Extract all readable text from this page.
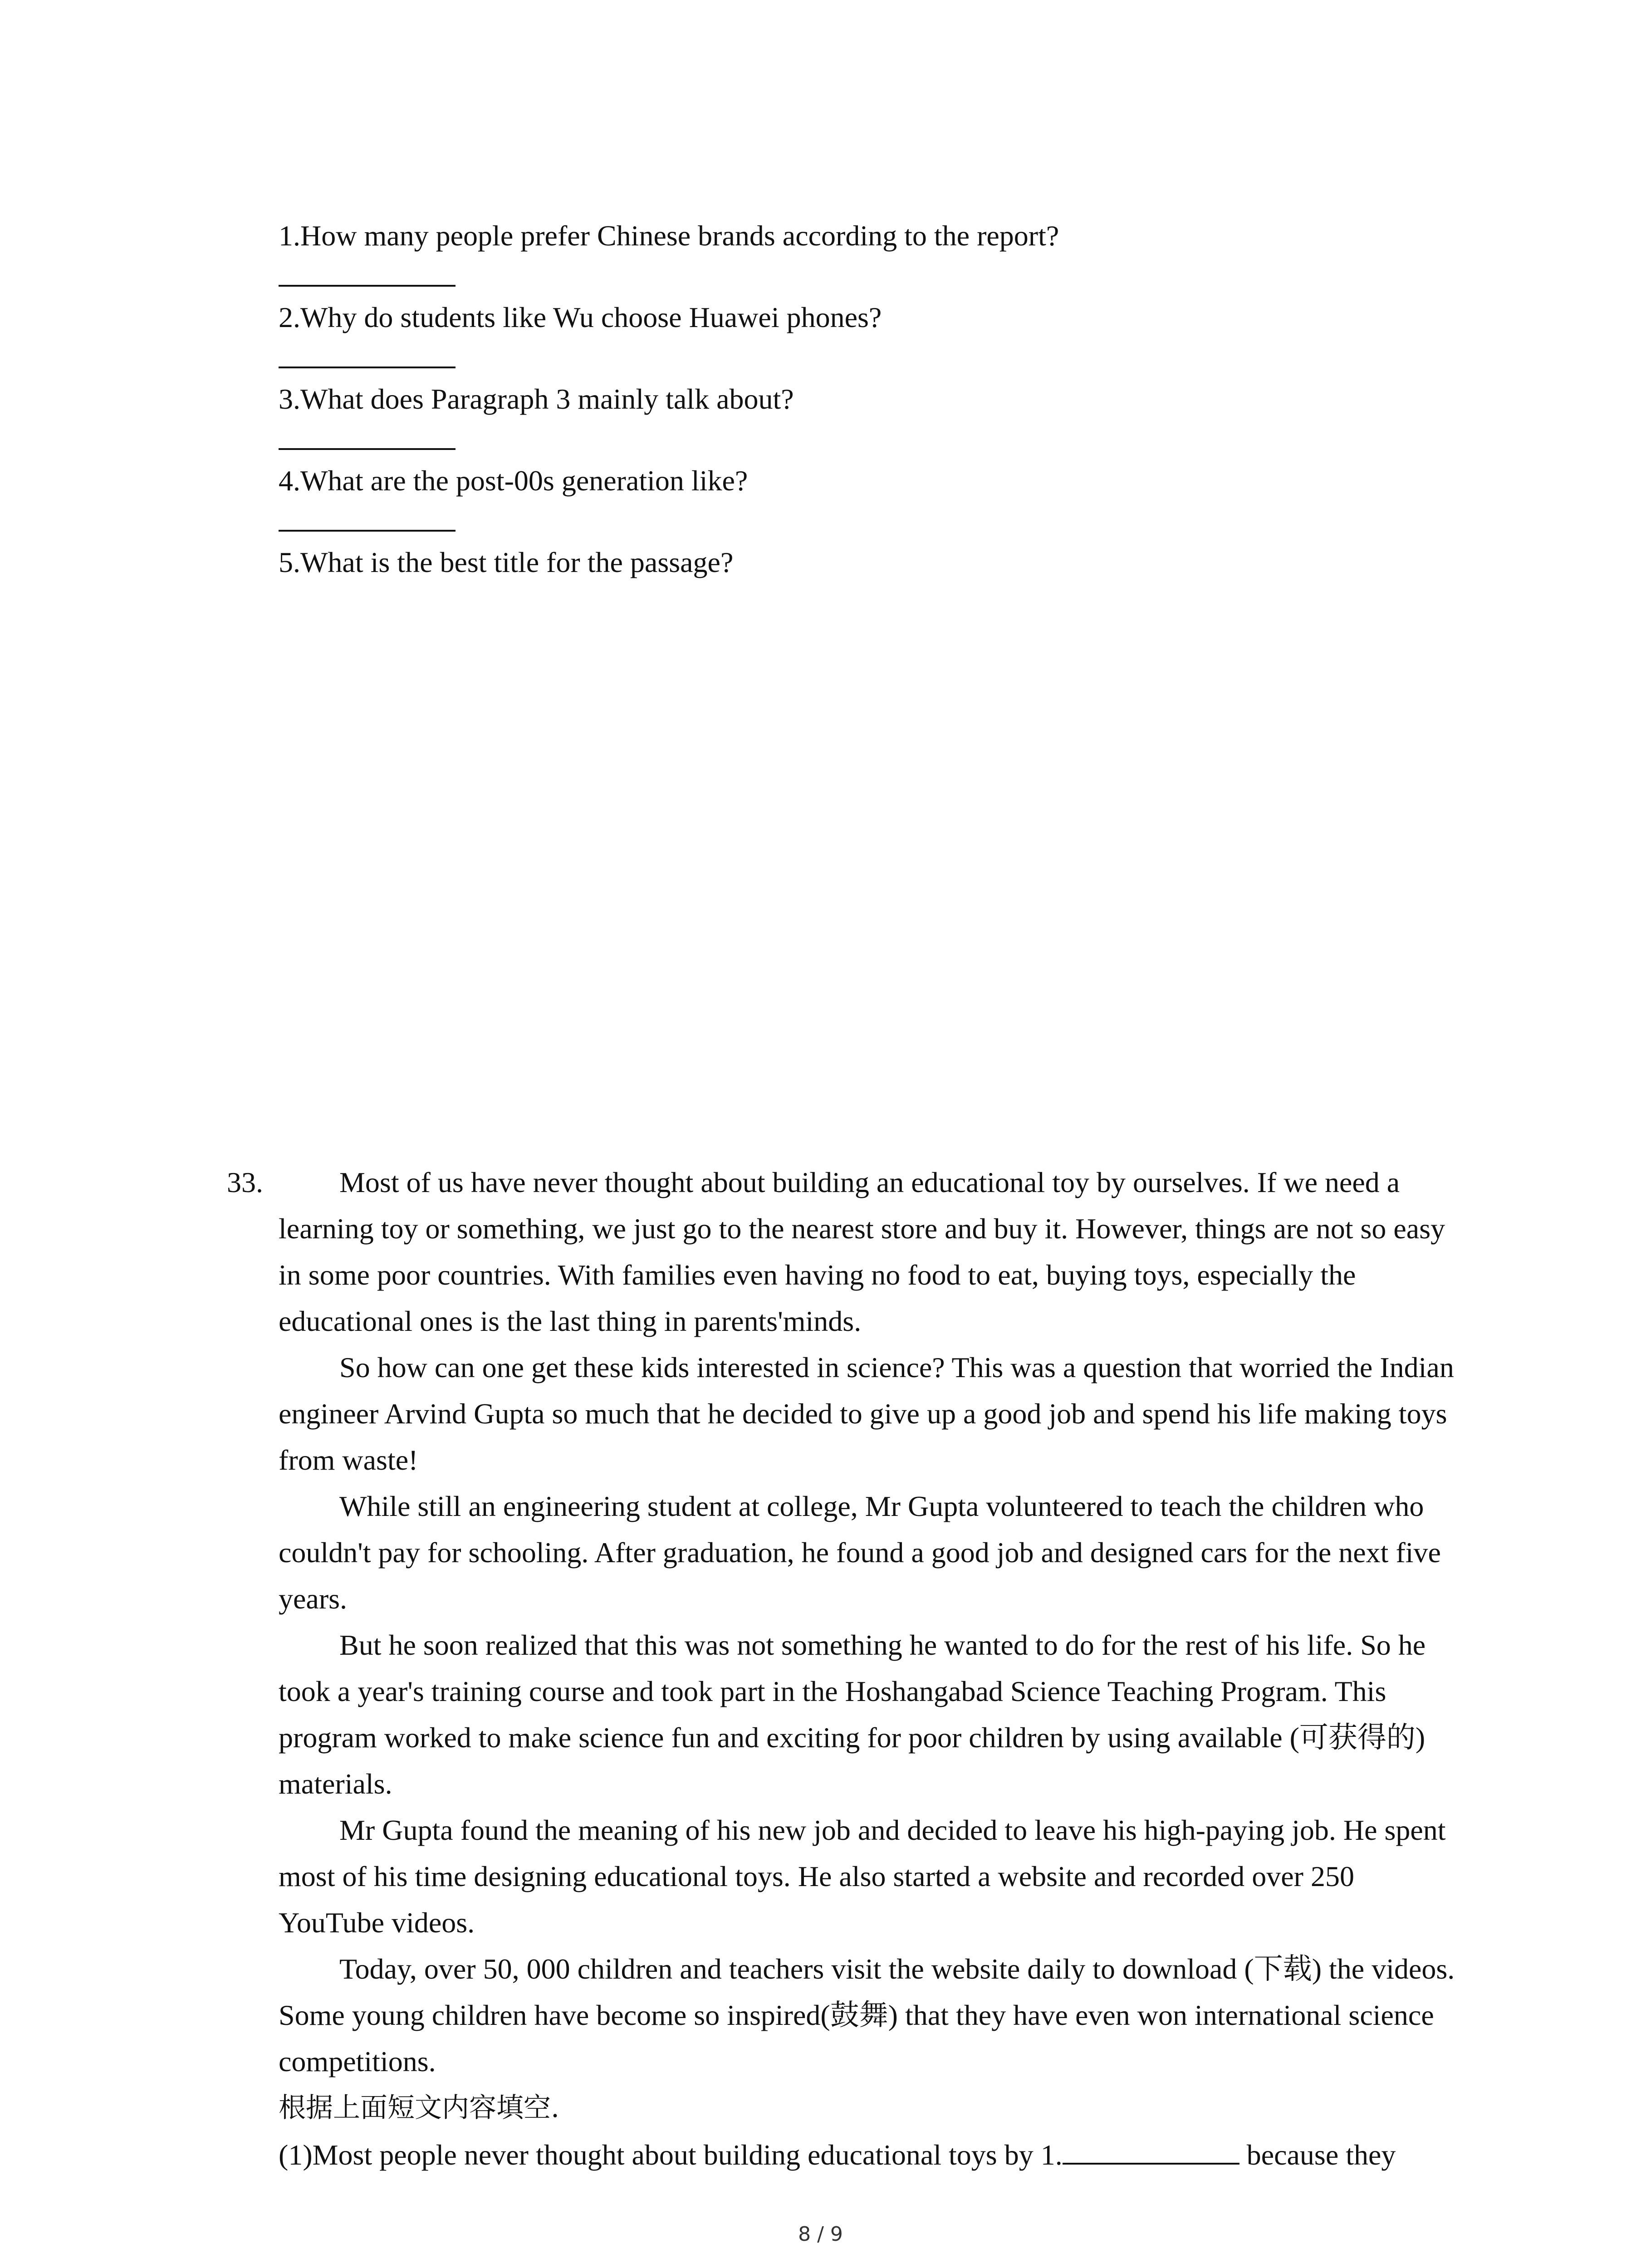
1.How many people prefer Chinese brands according to the report?
2.Why do students like Wu choose Huawei phones?
3.What does Paragraph 3 mainly talk about?
4.What are the post-00s generation like?
5.What is the best title for the passage?
33.	Most of us have never thought about building an educational toy by ourselves. If we need a learning toy or something, we just go to the nearest store and buy it. However, things are not so easy in some poor countries. With families even having no food to eat, buying toys, especially the educational ones is the last thing in parents'minds.

So how can one get these kids interested in science? This was a question that worried the Indian engineer Arvind Gupta so much that he decided to give up a good job and spend his life making toys from waste!

While still an engineering student at college, Mr Gupta volunteered to teach the children who couldn't pay for schooling. After graduation, he found a good job and designed cars for the next five years.

But he soon realized that this was not something he wanted to do for the rest of his life. So he took a year's training course and took part in the Hoshangabad Science Teaching Program. This program worked to make science fun and exciting for poor children by using available (可获得的) materials.

Mr Gupta found the meaning of his new job and decided to leave his high-paying job. He spent most of his time designing educational toys. He also started a website and recorded over 250 YouTube videos.

Today, over 50, 000 children and teachers visit the website daily to download (下载) the videos. Some young children have become so inspired(鼓舞) that they have even won international science competitions.

根据上面短文内容填空.

(1)Most people never thought about building educational toys by 1.	because they

8 / 9
